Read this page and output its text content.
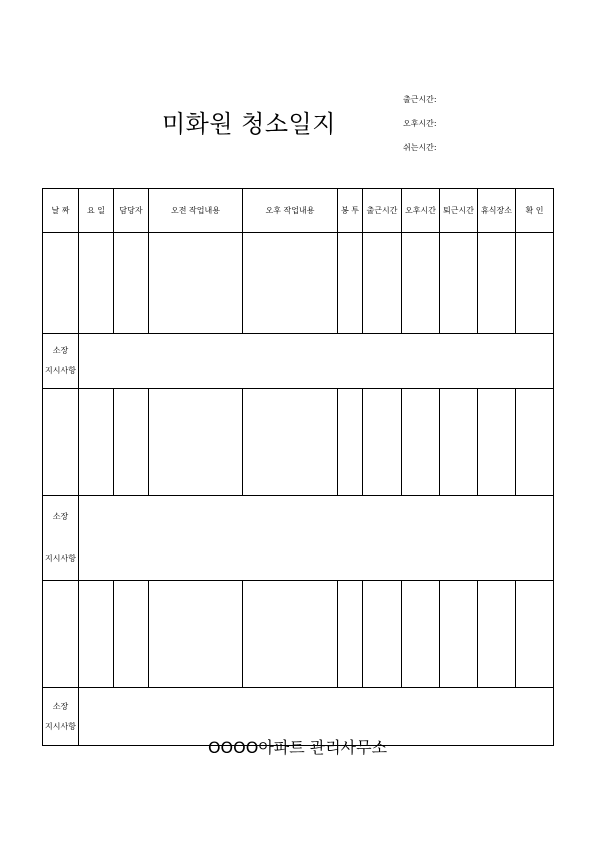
미화원 청소일지
출근시간:
오후시간:
쉬는시간:
날 짜	요 일	담당자	오전 작업내용	오후 작업내용	봉 투	출근시간	오후시간	퇴근시간	휴식장소	확 인

소장
지시사항										

소장
지시사항										

소장
지시사항										
OOOO아파트 관리사무소
